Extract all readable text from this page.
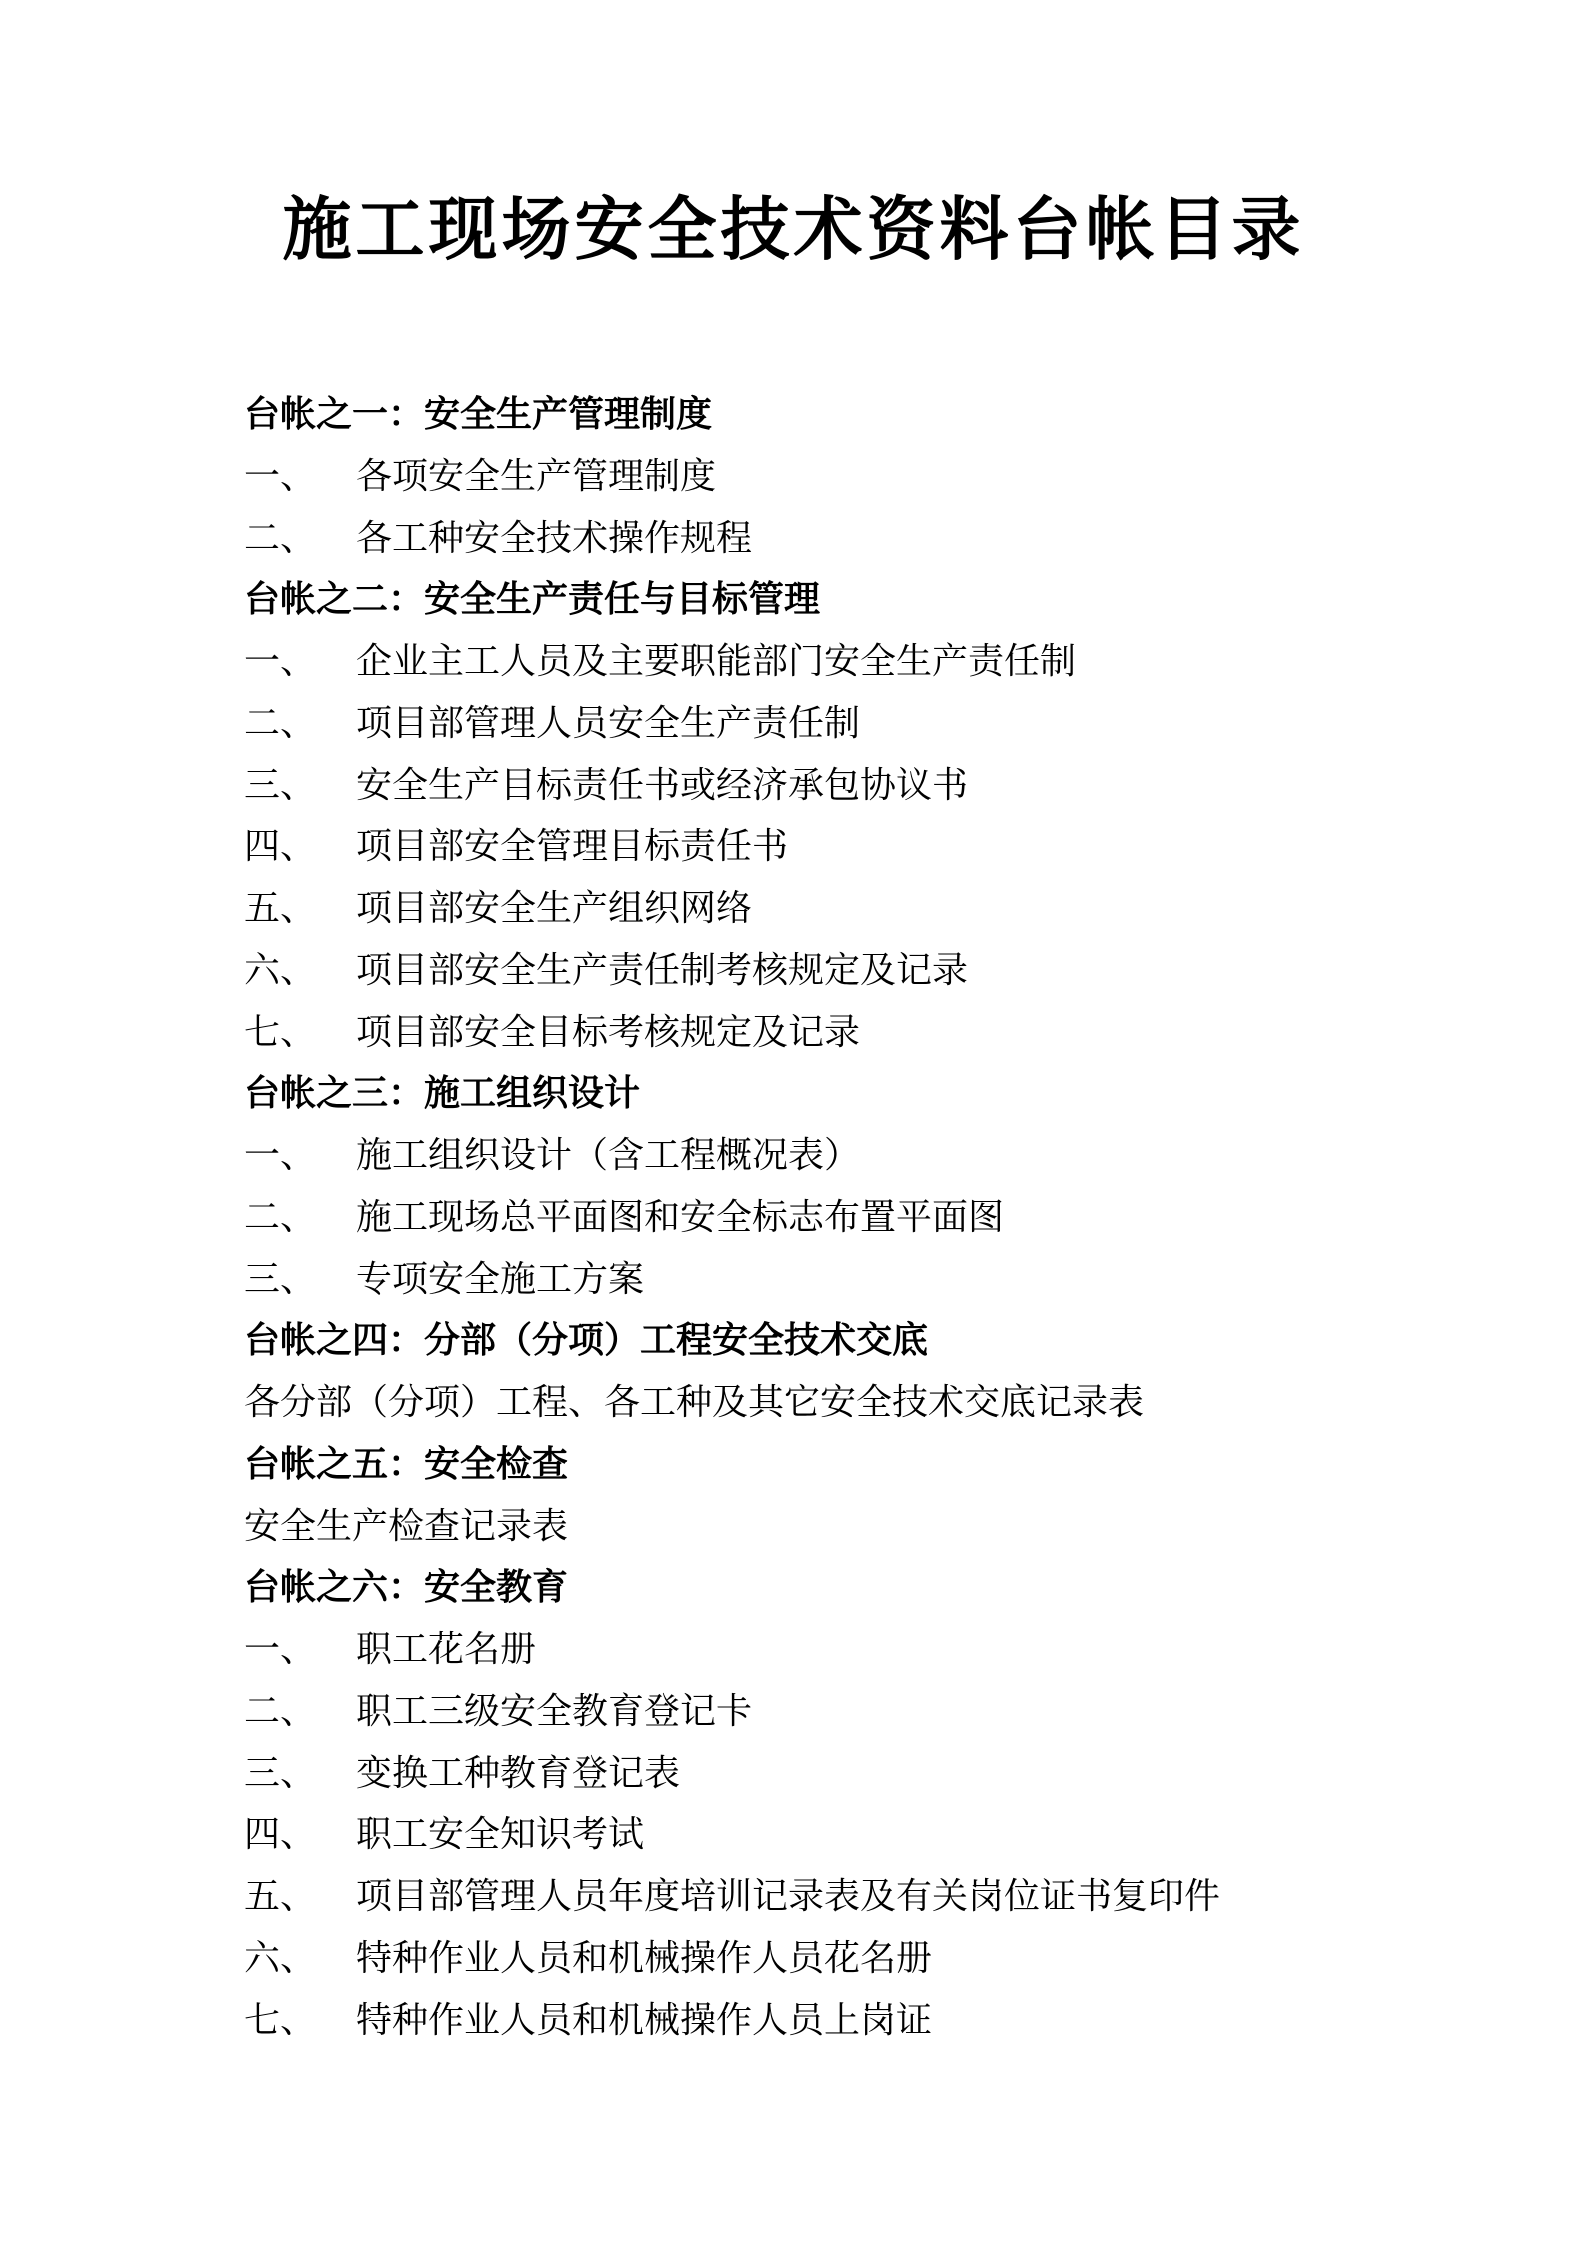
施工现场安全技术资料台帐目录
台帐之一：安全生产管理制度
一、 各项安全生产管理制度
二、 各工种安全技术操作规程
台帐之二：安全生产责任与目标管理
一、 企业主工人员及主要职能部门安全生产责任制
二、 项目部管理人员安全生产责任制
三、 安全生产目标责任书或经济承包协议书
四、 项目部安全管理目标责任书
五、 项目部安全生产组织网络
六、 项目部安全生产责任制考核规定及记录
七、 项目部安全目标考核规定及记录
台帐之三：施工组织设计
一、 施工组织设计（含工程概况表）
二、 施工现场总平面图和安全标志布置平面图
三、 专项安全施工方案
台帐之四：分部（分项）工程安全技术交底
各分部（分项）工程、各工种及其它安全技术交底记录表
台帐之五：安全检查
安全生产检查记录表
台帐之六：安全教育
一、 职工花名册
二、 职工三级安全教育登记卡
三、 变换工种教育登记表
四、 职工安全知识考试
五、 项目部管理人员年度培训记录表及有关岗位证书复印件
六、 特种作业人员和机械操作人员花名册
七、 特种作业人员和机械操作人员上岗证
